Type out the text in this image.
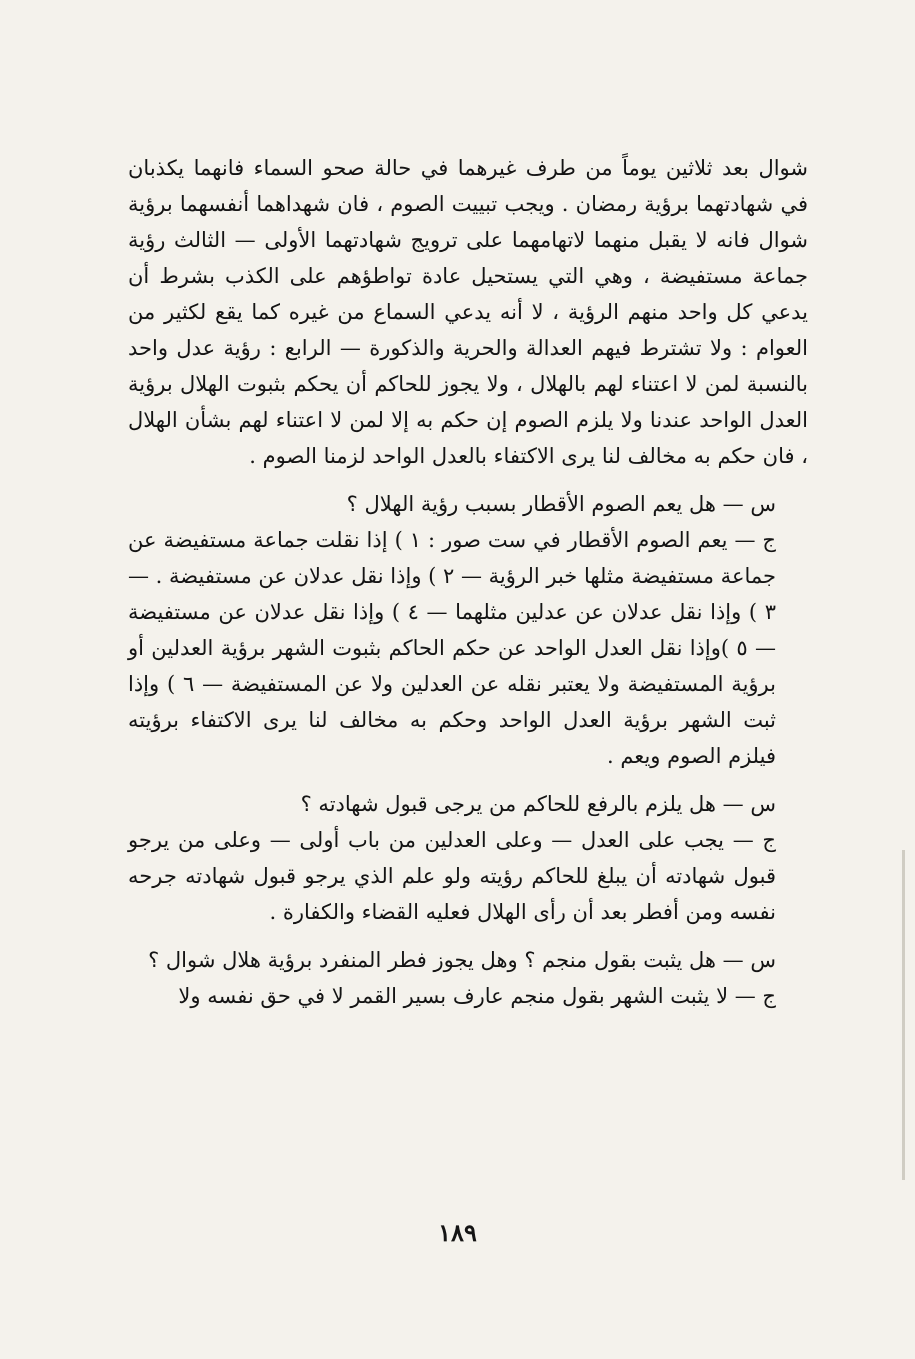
شوال بعد ثلاثين يوماً من طرف غيرهما في حالة صحو السماء فانهما يكذبان في شهادتهما برؤية رمضان . ويجب تبييت الصوم ، فان شهداهما أنفسهما برؤية شوال فانه لا يقبل منهما لاتهامهما على ترويج شهادتهما الأولى — الثالث رؤية جماعة مستفيضة ، وهي التي يستحيل عادة تواطؤهم على الكذب بشرط أن يدعي كل واحد منهم الرؤية ، لا أنه يدعي السماع من غيره كما يقع لكثير من العوام : ولا تشترط فيهم العدالة والحرية والذكورة — الرابع : رؤية عدل واحد بالنسبة لمن لا اعتناء لهم بالهلال ، ولا يجوز للحاكم أن يحكم بثبوت الهلال برؤية العدل الواحد عندنا ولا يلزم الصوم إن حكم به إلا لمن لا اعتناء لهم بشأن الهلال ، فان حكم به مخالف لنا يرى الاكتفاء بالعدل الواحد لزمنا الصوم .

س — هل يعم الصوم الأقطار بسبب رؤية الهلال ؟

ج — يعم الصوم الأقطار في ست صور : ١ ) إذا نقلت جماعة مستفيضة عن جماعة مستفيضة مثلها خبر الرؤية — ٢ ) وإذا نقل عدلان عن مستفيضة . — ٣ ) وإذا نقل عدلان عن عدلين مثلهما — ٤ ) وإذا نقل عدلان عن مستفيضة — ٥ )وإذا نقل العدل الواحد عن حكم الحاكم بثبوت الشهر برؤية العدلين أو برؤية المستفيضة ولا يعتبر نقله عن العدلين ولا عن المستفيضة — ٦ ) وإذا ثبت الشهر برؤية العدل الواحد وحكم به مخالف لنا يرى الاكتفاء برؤيته فيلزم الصوم ويعم .

س — هل يلزم بالرفع للحاكم من يرجى قبول شهادته ؟

ج — يجب على العدل — وعلى العدلين من باب أولى — وعلى من يرجو قبول شهادته أن يبلغ للحاكم رؤيته ولو علم الذي يرجو قبول شهادته جرحه نفسه ومن أفطر بعد أن رأى الهلال فعليه القضاء والكفارة .

س — هل يثبت بقول منجم ؟ وهل يجوز فطر المنفرد برؤية هلال شوال ؟

ج — لا يثبت الشهر بقول منجم عارف بسير القمر لا في حق نفسه ولا

١٨٩
